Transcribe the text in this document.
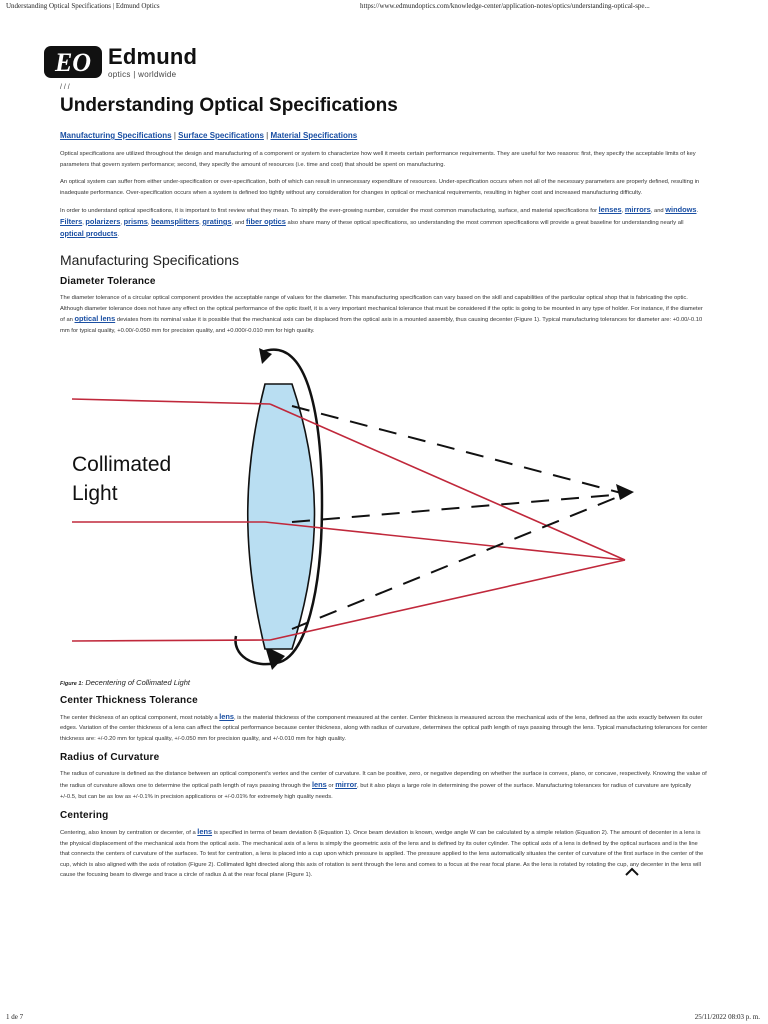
Understanding Optical Specifications | Edmund Optics	https://www.edmundoptics.com/knowledge-center/application-notes/optics/understanding-optical-spe...
EO Edmund
optics | worldwide
/ / /
Understanding Optical Specifications
Manufacturing Specifications | Surface Specifications | Material Specifications

Optical specifications are utilized throughout the design and manufacturing of a component or system to characterize how well it meets certain performance requirements. They are useful for two reasons: first, they specify the acceptable limits of key parameters that govern system performance; second, they specify the amount of resources (i.e. time and cost) that should be spent on manufacturing.

An optical system can suffer from either under-specification or over-specification, both of which can result in unnecessary expenditure of resources. Under-specification occurs when not all of the necessary parameters are properly defined, resulting in inadequate performance. Over-specification occurs when a system is defined too tightly without any consideration for changes in optical or mechanical requirements, resulting in higher cost and increased manufacturing difficulty.

In order to understand optical specifications, it is important to first review what they mean. To simplify the ever-growing number, consider the most common manufacturing, surface, and material specifications for lenses, mirrors, and windows. Filters, polarizers, prisms, beamsplitters, gratings, and fiber optics also share many of these optical specifications, so understanding the most common specifications will provide a great baseline for understanding nearly all optical products.

Manufacturing Specifications
Diameter Tolerance

The diameter tolerance of a circular optical component provides the acceptable range of values for the diameter. This manufacturing specification can vary based on the skill and capabilities of the particular optical shop that is fabricating the optic. Although diameter tolerance does not have any effect on the optical performance of the optic itself, it is a very important mechanical tolerance that must be considered if the optic is going to be mounted in any type of holder. For instance, if the diameter of an optical lens deviates from its nominal value it is possible that the mechanical axis can be displaced from the optical axis in a mounted assembly, thus causing decenter (Figure 1). Typical manufacturing tolerances for diameter are: +0.00/-0.10 mm for typical quality, +0.00/-0.050 mm for precision quality, and +0.000/-0.010 mm for high quality.

Collimated
Light
Figure 1: Decentering of Collimated Light
Center Thickness Tolerance

The center thickness of an optical component, most notably a lens, is the material thickness of the component measured at the center. Center thickness is measured across the mechanical axis of the lens, defined as the axis exactly between its outer edges. Variation of the center thickness of a lens can affect the optical performance because center thickness, along with radius of curvature, determines the optical path length of rays passing through the lens. Typical manufacturing tolerances for center thickness are: +/-0.20 mm for typical quality, +/-0.050 mm for precision quality, and +/-0.010 mm for high quality.

Radius of Curvature

The radius of curvature is defined as the distance between an optical component's vertex and the center of curvature. It can be positive, zero, or negative depending on whether the surface is convex, plano, or concave, respectively. Knowing the value of the radius of curvature allows one to determine the optical path length of rays passing through the lens or mirror, but it also plays a large role in determining the power of the surface. Manufacturing tolerances for radius of curvature are typically +/-0.5, but can be as low as +/-0.1% in precision applications or +/-0.01% for extremely high quality needs.

Centering

Centering, also known by centration or decenter, of a lens is specified in terms of beam deviation δ (Equation 1). Once beam deviation is known, wedge angle W can be calculated by a simple relation (Equation 2). The amount of decenter in a lens is the physical displacement of the mechanical axis from the optical axis. The mechanical axis of a lens is simply the geometric axis of the lens and is defined by its outer cylinder. The optical axis of a lens is defined by the optical surfaces and is the line that connects the centers of curvature of the surfaces. To test for centration, a lens is placed into a cup upon which pressure is applied. The pressure applied to the lens automatically situates the center of curvature of the first surface in the center of the cup, which is also aligned with the axis of rotation (Figure 2). Collimated light directed along this axis of rotation is sent through the lens and comes to a focus at the rear focal plane. As the lens is rotated by rotating the cup, any decenter in the lens will cause the focusing beam to diverge and trace a circle of radius Δ at the rear focal plane (Figure 1).

1 de 7	25/11/2022 08:03 p. m.
